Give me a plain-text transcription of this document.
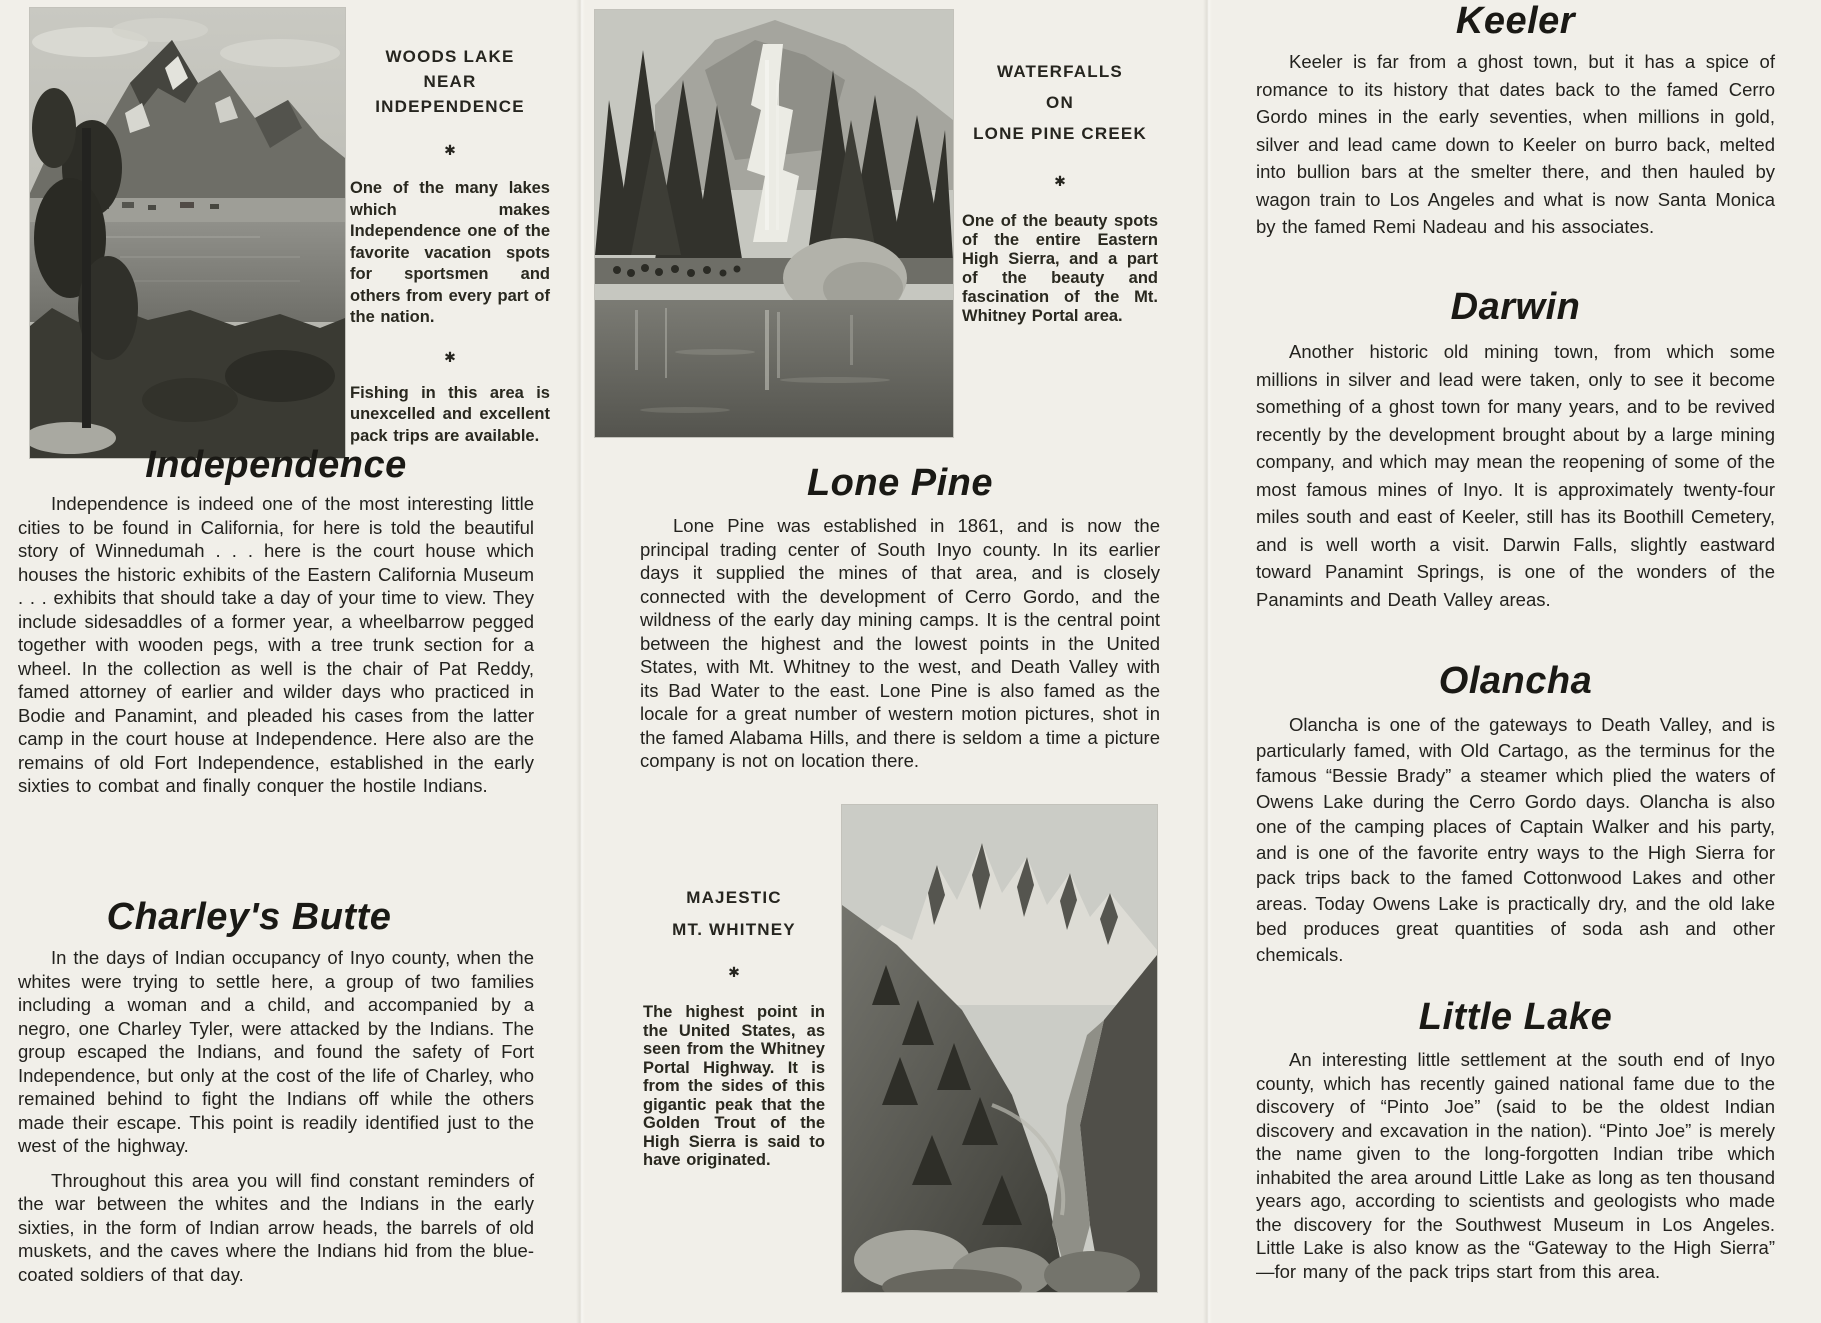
WOODS LAKE
NEAR
INDEPENDENCE
✱

One of the many lakes which makes Independence one of the favorite vacation spots for sportsmen and others from every part of the nation.

✱

Fishing in this area is unexcelled and excellent pack trips are available.

Independence

Independence is indeed one of the most interesting little cities to be found in California, for here is told the beautiful story of Winnedumah . . . here is the court house which houses the historic exhibits of the Eastern California Museum . . . exhibits that should take a day of your time to view. They include sidesaddles of a former year, a wheelbarrow pegged together with wooden pegs, with a tree trunk section for a wheel. In the collection as well is the chair of Pat Reddy, famed attorney of earlier and wilder days who practiced in Bodie and Panamint, and pleaded his cases from the latter camp in the court house at Independence. Here also are the remains of old Fort Independence, established in the early sixties to combat and finally conquer the hostile Indians.

Charley's Butte

In the days of Indian occupancy of Inyo county, when the whites were trying to settle here, a group of two families including a woman and a child, and accompanied by a negro, one Charley Tyler, were attacked by the Indians. The group escaped the Indians, and found the safety of Fort Independence, but only at the cost of the life of Charley, who remained behind to fight the Indians off while the others made their escape. This point is readily identified just to the west of the highway.

Throughout this area you will find constant reminders of the war between the whites and the Indians in the early sixties, in the form of Indian arrow heads, the barrels of old muskets, and the caves where the Indians hid from the blue-coated soldiers of that day.

WATERFALLS
ON
LONE PINE CREEK
✱

One of the beauty spots of the entire Eastern High Sierra, and a part of the beauty and fascination of the Mt. Whitney Portal area.

Lone Pine

Lone Pine was established in 1861, and is now the principal trading center of South Inyo county. In its earlier days it supplied the mines of that area, and is closely connected with the development of Cerro Gordo, and the wildness of the early day mining camps. It is the central point between the highest and the lowest points in the United States, with Mt. Whitney to the west, and Death Valley with its Bad Water to the east. Lone Pine is also famed as the locale for a great number of western motion pictures, shot in the famed Alabama Hills, and there is seldom a time a picture company is not on location there.

MAJESTIC
MT. WHITNEY
✱

The highest point in the United States, as seen from the Whitney Portal Highway. It is from the sides of this gigantic peak that the Golden Trout of the High Sierra is said to have originated.

Keeler

Keeler is far from a ghost town, but it has a spice of romance to its history that dates back to the famed Cerro Gordo mines in the early seventies, when millions in gold, silver and lead came down to Keeler on burro back, melted into bullion bars at the smelter there, and then hauled by wagon train to Los Angeles and what is now Santa Monica by the famed Remi Nadeau and his associates.

Darwin

Another historic old mining town, from which some millions in silver and lead were taken, only to see it become something of a ghost town for many years, and to be revived recently by the development brought about by a large mining company, and which may mean the reopening of some of the most famous mines of Inyo. It is approximately twenty-four miles south and east of Keeler, still has its Boothill Cemetery, and is well worth a visit. Darwin Falls, slightly eastward toward Panamint Springs, is one of the wonders of the Panamints and Death Valley areas.

Olancha

Olancha is one of the gateways to Death Valley, and is particularly famed, with Old Cartago, as the terminus for the famous “Bessie Brady” a steamer which plied the waters of Owens Lake during the Cerro Gordo days. Olancha is also one of the camping places of Captain Walker and his party, and is one of the favorite entry ways to the High Sierra for pack trips back to the famed Cottonwood Lakes and other areas. Today Owens Lake is practically dry, and the old lake bed produces great quantities of soda ash and other chemicals.

Little Lake

An interesting little settlement at the south end of Inyo county, which has recently gained national fame due to the discovery of “Pinto Joe” (said to be the oldest Indian discovery and excavation in the nation). “Pinto Joe” is merely the name given to the long-forgotten Indian tribe which inhabited the area around Little Lake as long as ten thousand years ago, according to scientists and geologists who made the discovery for the Southwest Museum in Los Angeles. Little Lake is also know as the “Gateway to the High Sierra” —for many of the pack trips start from this area.
